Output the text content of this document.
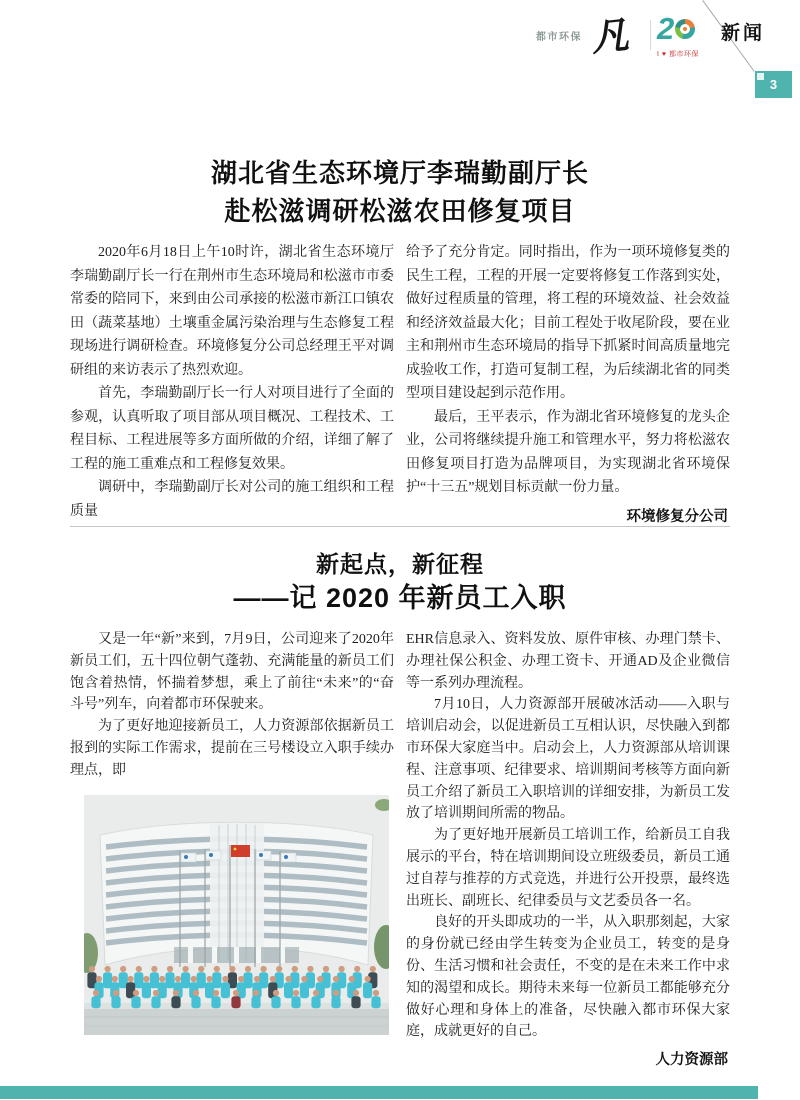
都市环保 凡 2
I ♥ 都市环保
新闻
3
湖北省生态环境厅李瑞勤副厅长
赴松滋调研松滋农田修复项目

2020年6月18日上午10时许，湖北省生态环境厅李瑞勤副厅长一行在荆州市生态环境局和松滋市市委常委的陪同下，来到由公司承接的松滋市新江口镇农田（蔬菜基地）土壤重金属污染治理与生态修复工程现场进行调研检查。环境修复分公司总经理王平对调研组的来访表示了热烈欢迎。

首先，李瑞勤副厅长一行人对项目进行了全面的参观，认真听取了项目部从项目概况、工程技术、工程目标、工程进展等多方面所做的介绍，详细了解了工程的施工重难点和工程修复效果。

调研中，李瑞勤副厅长对公司的施工组织和工程质量

给予了充分肯定。同时指出，作为一项环境修复类的民生工程，工程的开展一定要将修复工作落到实处，做好过程质量的管理，将工程的环境效益、社会效益和经济效益最大化；目前工程处于收尾阶段，要在业主和荆州市生态环境局的指导下抓紧时间高质量地完成验收工作，打造可复制工程，为后续湖北省的同类型项目建设起到示范作用。

最后，王平表示，作为湖北省环境修复的龙头企业，公司将继续提升施工和管理水平，努力将松滋农田修复项目打造为品牌项目，为实现湖北省环境保护“十三五”规划目标贡献一份力量。

环境修复分公司
新起点，新征程
——记 2020 年新员工入职

又是一年“新”来到，7月9日，公司迎来了2020年新员工们，五十四位朝气蓬勃、充满能量的新员工们饱含着热情，怀揣着梦想，乘上了前往“未来”的“奋斗号”列车，向着都市环保驶来。

为了更好地迎接新员工，人力资源部依据新员工报到的实际工作需求，提前在三号楼设立入职手续办理点，即

EHR信息录入、资料发放、原件审核、办理门禁卡、办理社保公积金、办理工资卡、开通AD及企业微信等一系列办理流程。

7月10日，人力资源部开展破冰活动——入职与培训启动会，以促进新员工互相认识，尽快融入到都市环保大家庭当中。启动会上，人力资源部从培训课程、注意事项、纪律要求、培训期间考核等方面向新员工介绍了新员工入职培训的详细安排，为新员工发放了培训期间所需的物品。

为了更好地开展新员工培训工作，给新员工自我展示的平台，特在培训期间设立班级委员，新员工通过自荐与推荐的方式竞选，并进行公开投票，最终选出班长、副班长、纪律委员与文艺委员各一名。

良好的开头即成功的一半，从入职那刻起，大家的身份就已经由学生转变为企业员工，转变的是身份、生活习惯和社会责任，不变的是在未来工作中求知的渴望和成长。期待未来每一位新员工都能够充分做好心理和身体上的准备，尽快融入都市环保大家庭，成就更好的自己。

人力资源部
